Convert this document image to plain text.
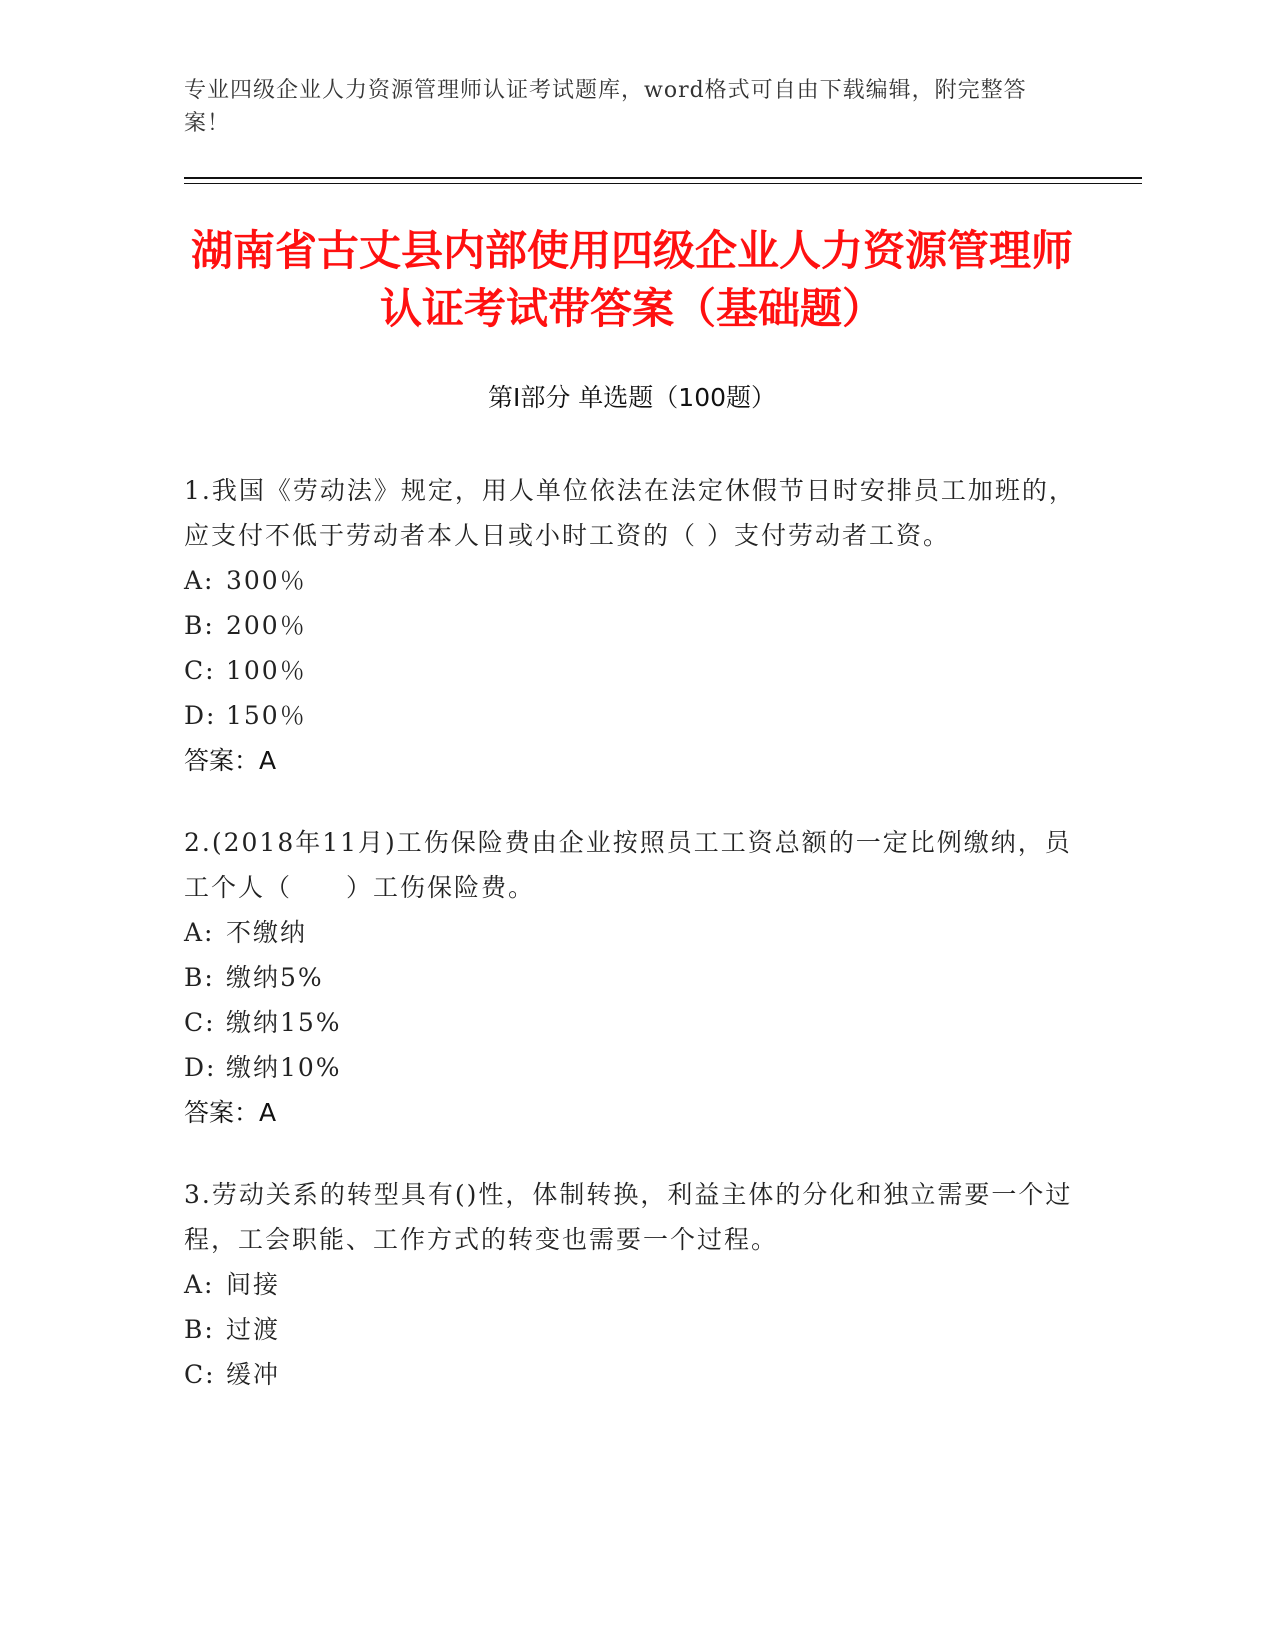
专业四级企业人力资源管理师认证考试题库，word格式可自由下载编辑，附完整答案！
湖南省古丈县内部使用四级企业人力资源管理师认证考试带答案（基础题）
第I部分 单选题（100题）
1.我国《劳动法》规定，用人单位依法在法定休假节日时安排员工加班的，应支付不低于劳动者本人日或小时工资的（ ）支付劳动者工资。
A: 300％
B: 200％
C: 100％
D: 150％
答案：A
2.(2018年11月)工伤保险费由企业按照员工工资总额的一定比例缴纳，员工个人（　　）工伤保险费。
A: 不缴纳
B: 缴纳5%
C: 缴纳15%
D: 缴纳10%
答案：A
3.劳动关系的转型具有()性，体制转换，利益主体的分化和独立需要一个过程，工会职能、工作方式的转变也需要一个过程。
A: 间接
B: 过渡
C: 缓冲
